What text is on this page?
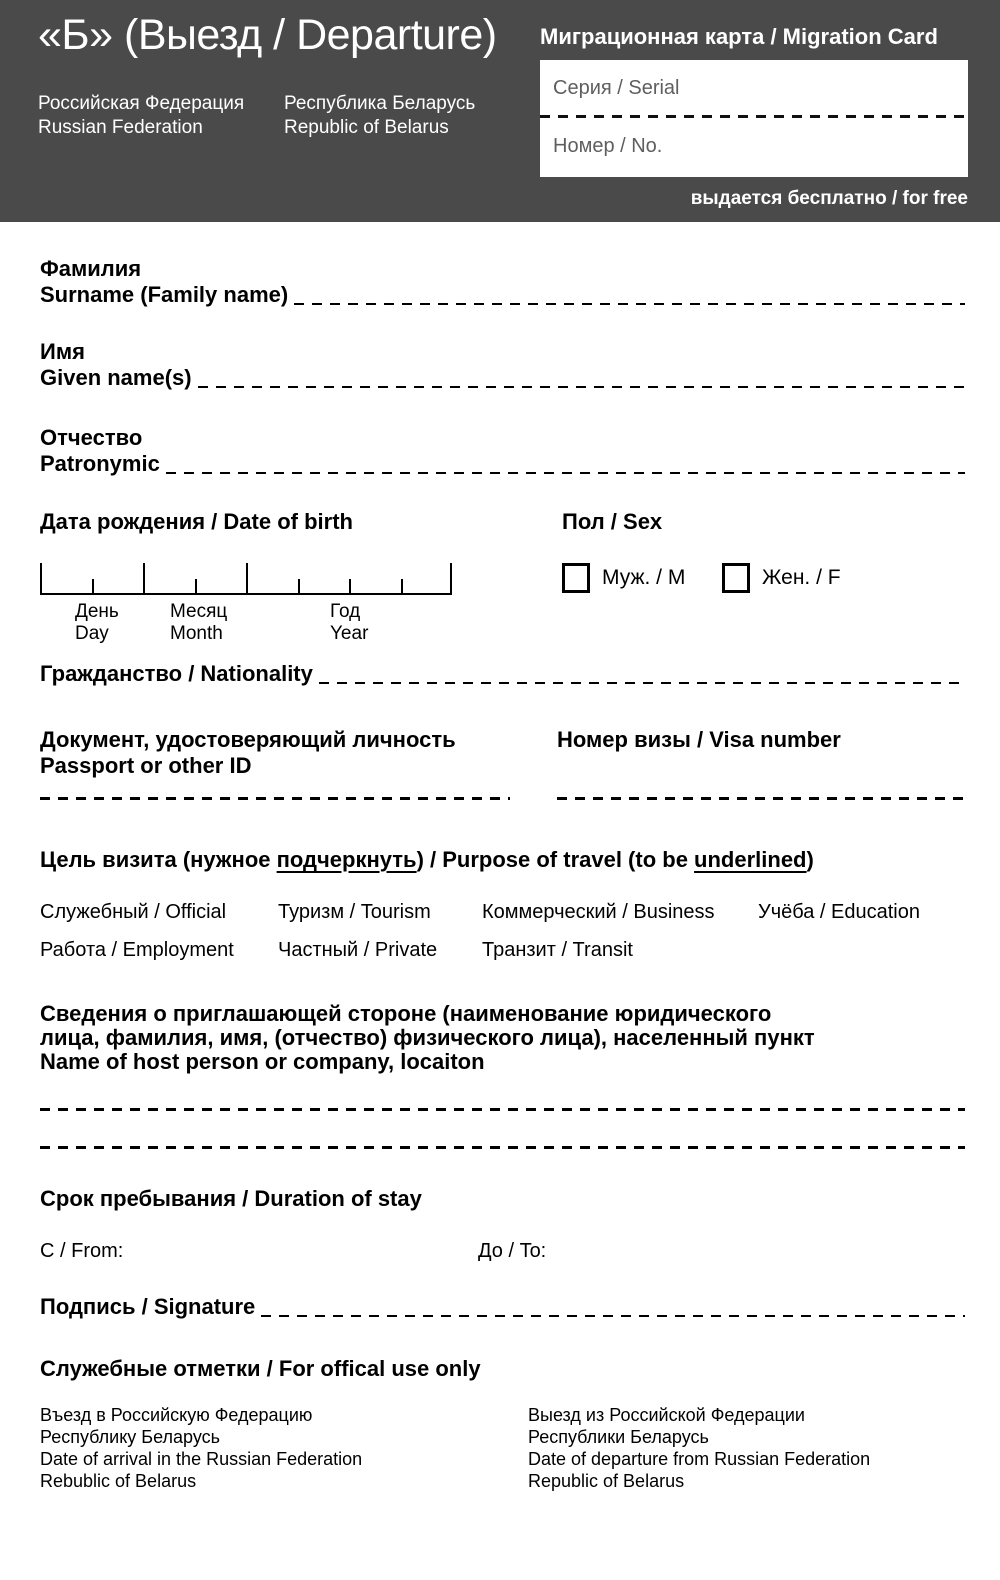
«Б» (Выезд / Departure) Миграционная карта / Migration Card
Российская Федерация
Russian Federation
Республика Беларусь
Republic of Belarus
Серия / Serial
Номер / No.
выдается бесплатно / for free
Фамилия
Surname (Family name)
Имя
Given name(s)
Отчество
Patronymic
Дата рождения / Date of birth	Пол / Sex
День
Day
Месяц
Month
Год
Year
Муж. / M	Жен. / F
Гражданство / Nationality
Документ, удостоверяющий личность
Passport or other ID
Номер визы / Visa number
Цель визита (нужное подчеркнуть) / Purpose of travel (to be underlined)
Служебный / Official	Туризм / Tourism	Коммерческий / Business Учёба / Education
Работа / Employment Частный / Private Транзит / Transit
Сведения о приглашающей стороне (наименование юридического
лица, фамилия, имя, (отчество) физического лица), населенный пункт
Name of host person or company, locaiton
Срок пребывания / Duration of stay
С / From:	До / To:
Подпись / Signature
Служебные отметки / For offical use only
Въезд в Российскую Федерацию
Республику Беларусь
Date of arrival in the Russian Federation
Rebublic of Belarus
Выезд из Российской Федерации
Республики Беларусь
Date of departure from Russian Federation
Republic of Belarus
